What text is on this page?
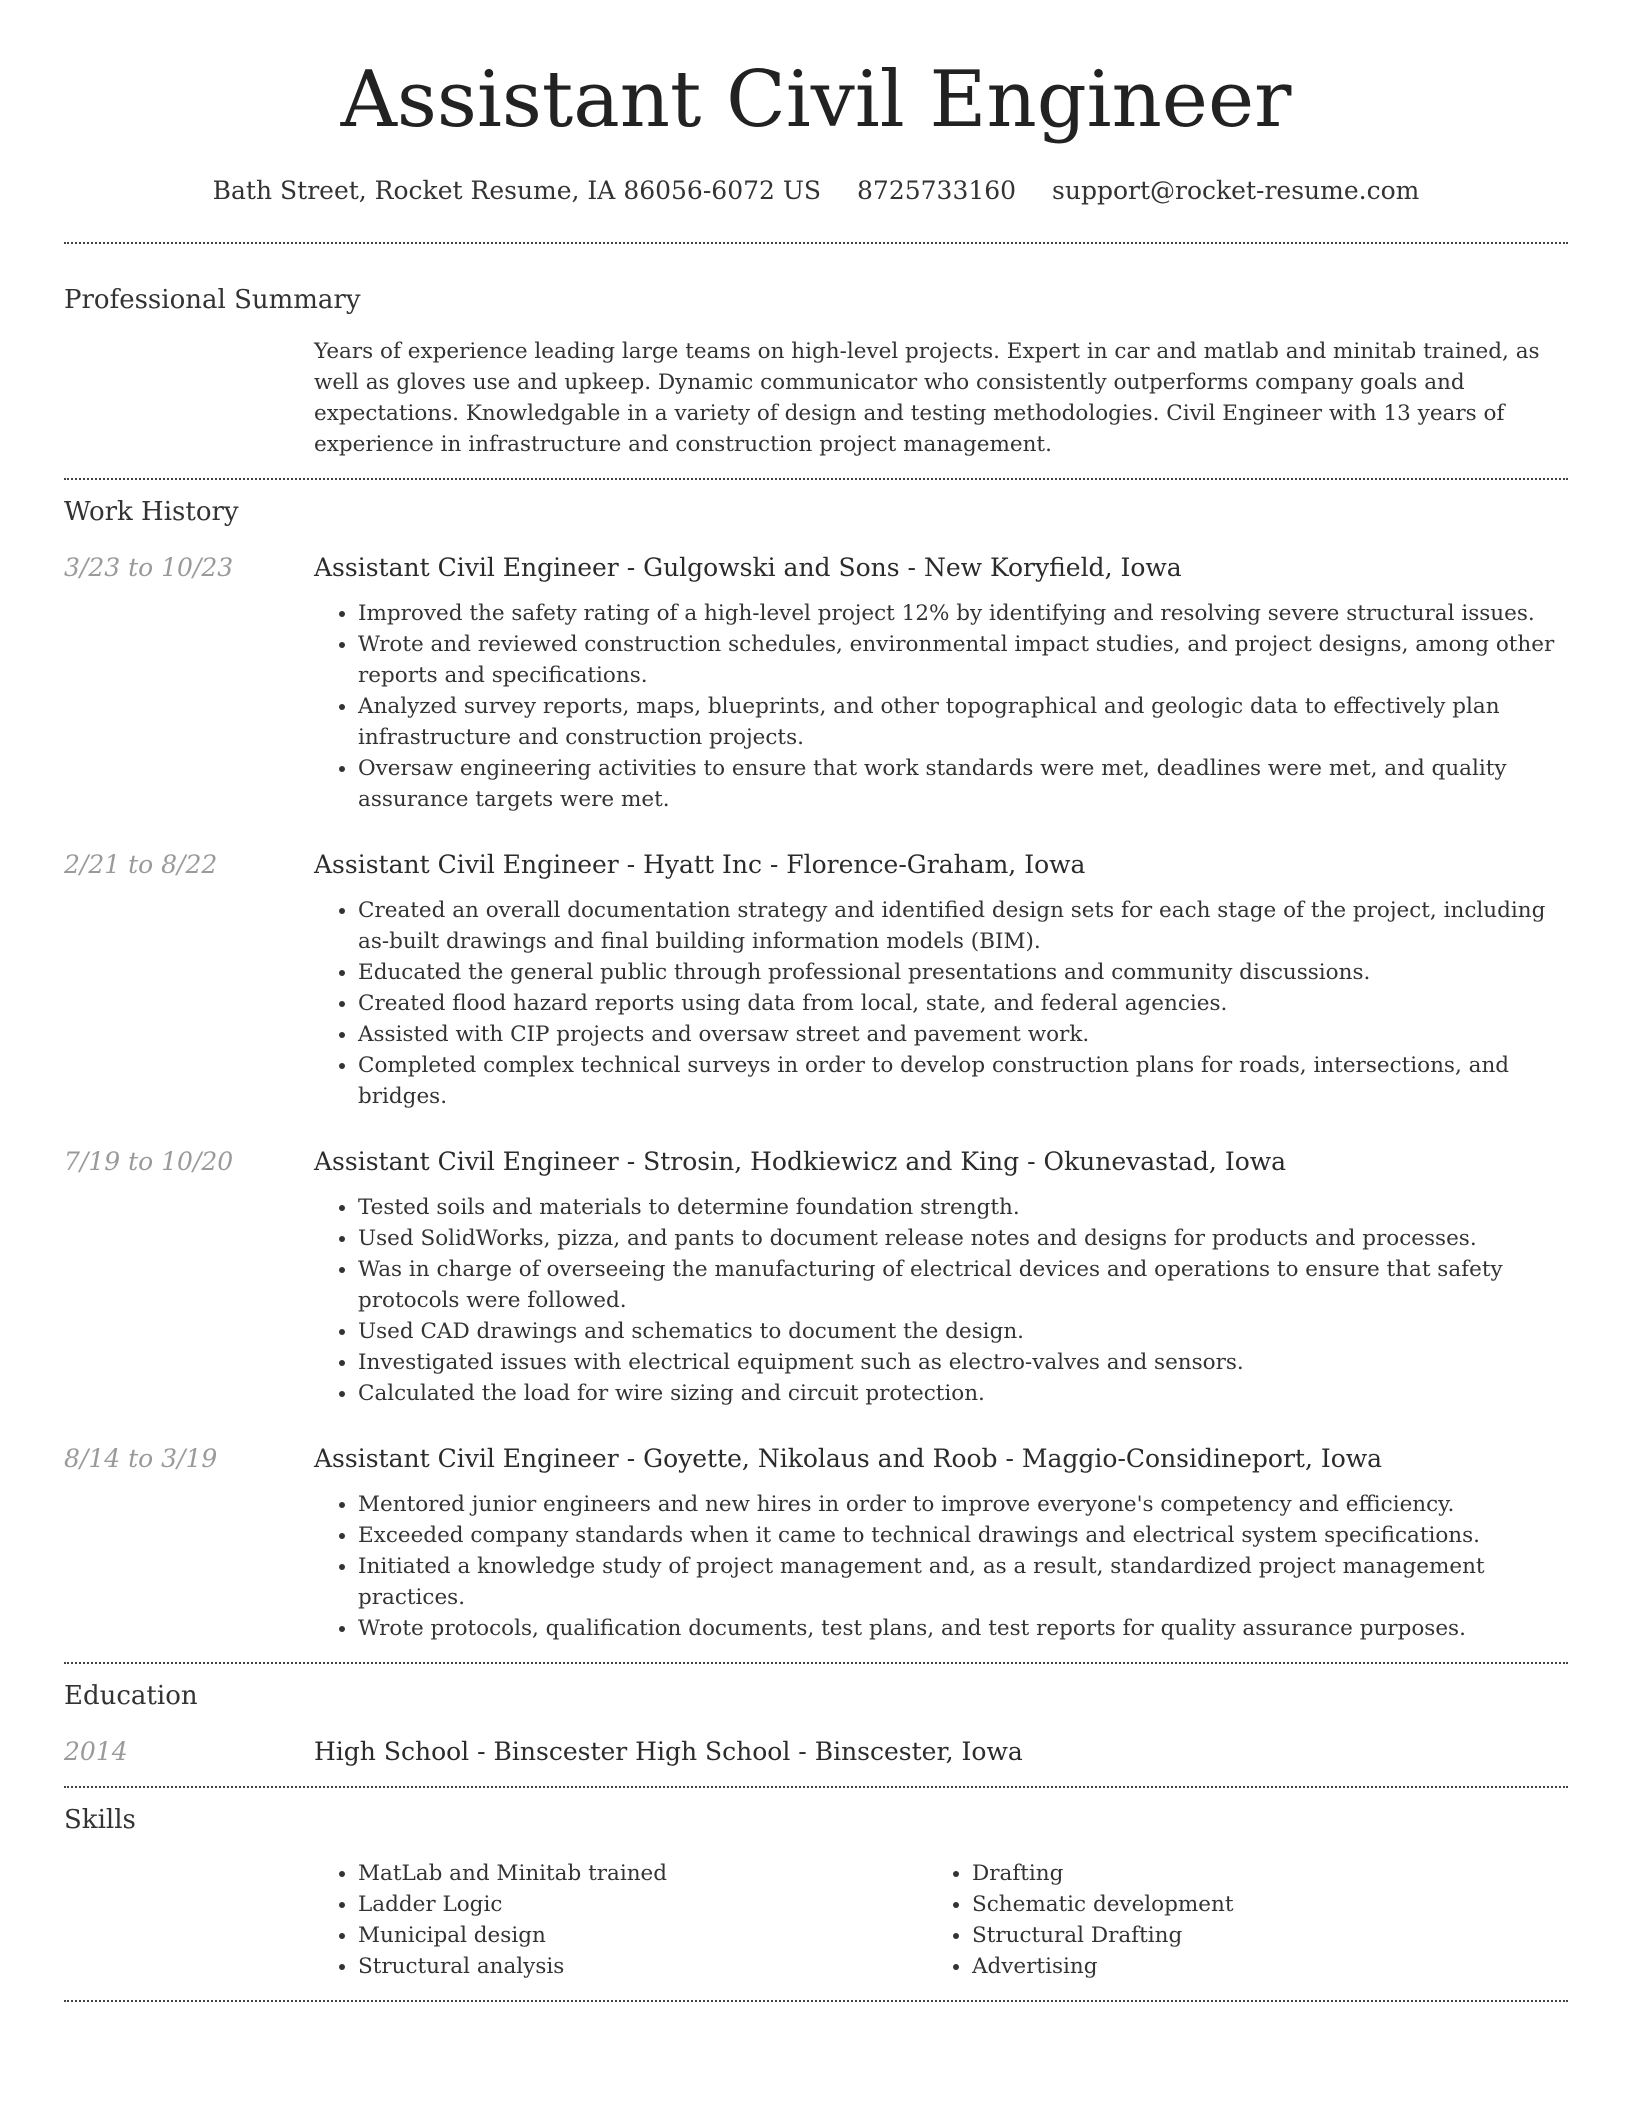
Assistant Civil Engineer
Bath Street, Rocket Resume, IA 86056-6072 US 8725733160 support@rocket-resume.com
Professional Summary
Years of experience leading large teams on high-level projects. Expert in car and matlab and minitab trained, as well as gloves use and upkeep. Dynamic communicator who consistently outperforms company goals and expectations. Knowledgable in a variety of design and testing methodologies. Civil Engineer with 13 years of experience in infrastructure and construction project management.
Work History
3/23 to 10/23	Assistant Civil Engineer - Gulgowski and Sons - New Koryfield, Iowa
• Improved the safety rating of a high-level project 12% by identifying and resolving severe structural issues.
• Wrote and reviewed construction schedules, environmental impact studies, and project designs, among other reports and specifications.
• Analyzed survey reports, maps, blueprints, and other topographical and geologic data to effectively plan infrastructure and construction projects.
• Oversaw engineering activities to ensure that work standards were met, deadlines were met, and quality assurance targets were met.
2/21 to 8/22	Assistant Civil Engineer - Hyatt Inc - Florence-Graham, Iowa
• Created an overall documentation strategy and identified design sets for each stage of the project, including as-built drawings and final building information models (BIM).
• Educated the general public through professional presentations and community discussions.
• Created flood hazard reports using data from local, state, and federal agencies.
• Assisted with CIP projects and oversaw street and pavement work.
• Completed complex technical surveys in order to develop construction plans for roads, intersections, and bridges.
7/19 to 10/20	Assistant Civil Engineer - Strosin, Hodkiewicz and King - Okunevastad, Iowa
• Tested soils and materials to determine foundation strength.
• Used SolidWorks, pizza, and pants to document release notes and designs for products and processes.
• Was in charge of overseeing the manufacturing of electrical devices and operations to ensure that safety protocols were followed.
• Used CAD drawings and schematics to document the design.
• Investigated issues with electrical equipment such as electro-valves and sensors.
• Calculated the load for wire sizing and circuit protection.
8/14 to 3/19	Assistant Civil Engineer - Goyette, Nikolaus and Roob - Maggio-Considineport, Iowa
• Mentored junior engineers and new hires in order to improve everyone's competency and efficiency.
• Exceeded company standards when it came to technical drawings and electrical system specifications.
• Initiated a knowledge study of project management and, as a result, standardized project management practices.
• Wrote protocols, qualification documents, test plans, and test reports for quality assurance purposes.
Education
2014	High School - Binscester High School - Binscester, Iowa
Skills
• MatLab and Minitab trained
• Ladder Logic
• Municipal design
• Structural analysis
• Drafting
• Schematic development
• Structural Drafting
• Advertising
